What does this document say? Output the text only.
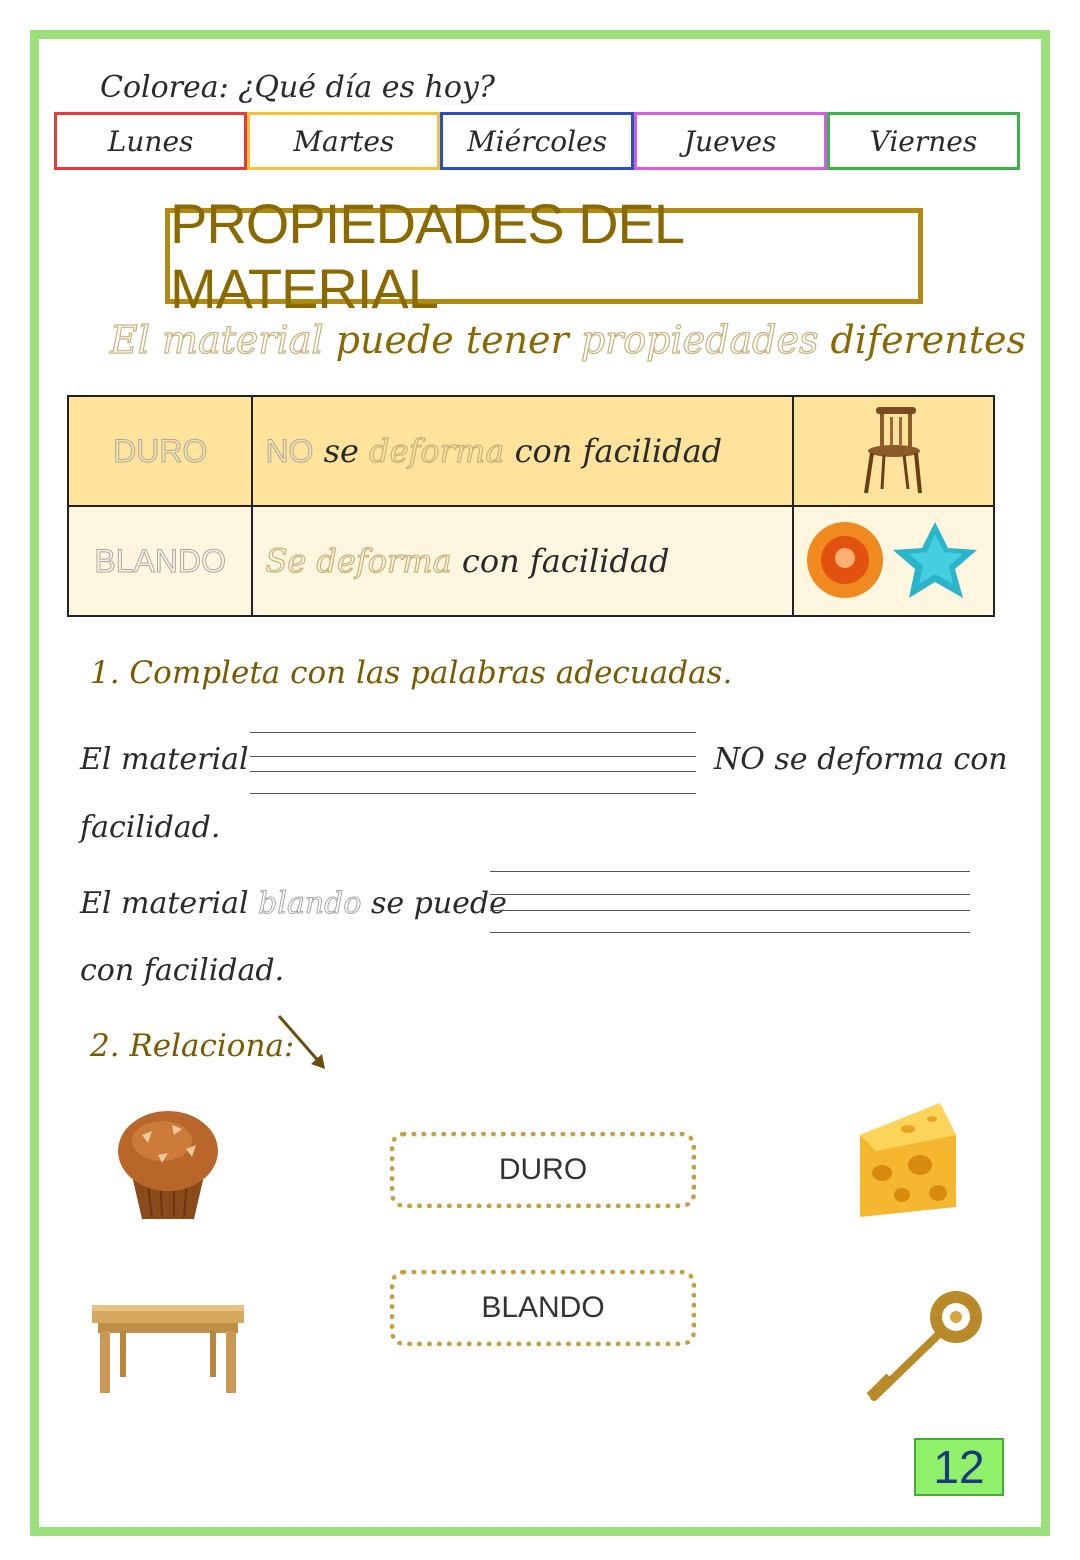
Colorea: ¿Qué día es hoy?
Lunes	Martes	Miércoles	Jueves	Viernes
PROPIEDADES DEL MATERIAL
El material puede tener propiedades diferentes
DURO	NO se deforma con facilidad	
BLANDO	Se deforma con facilidad	
1. Completa con las palabras adecuadas.
El material	NO se deforma con
facilidad.
El material blando se puede
con facilidad.
2. Relaciona:
DURO
BLANDO
12
